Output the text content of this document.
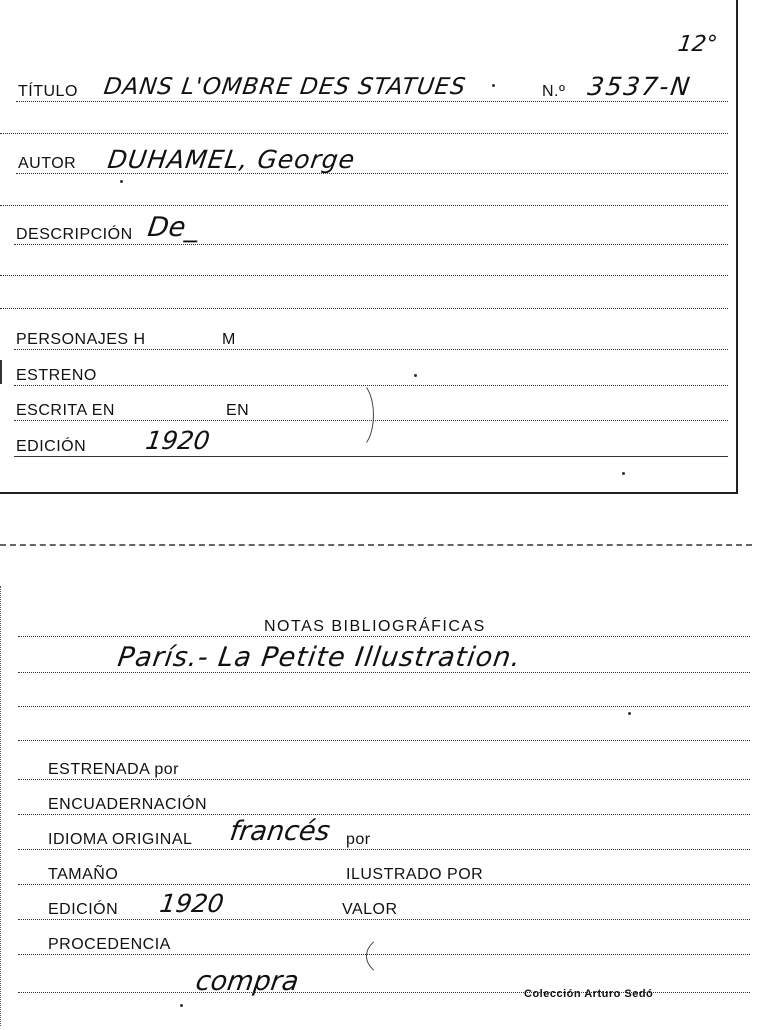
12°
TÍTULO DANS L'OMBRE DES STATUES	N.º 3537-N
AUTOR DUHAMEL, George
DESCRIPCIÓN De_
PERSONAJES H	M
ESTRENO
ESCRITA EN	EN
EDICIÓN 1920
NOTAS BIBLIOGRÁFICAS
París.- La Petite Illustration.
ESTRENADA por
ENCUADERNACIÓN
IDIOMA ORIGINAL francés por
TAMAÑO	ILUSTRADO POR
EDICIÓN 1920	VALOR
PROCEDENCIA
compra	Colección Arturo Sedó
